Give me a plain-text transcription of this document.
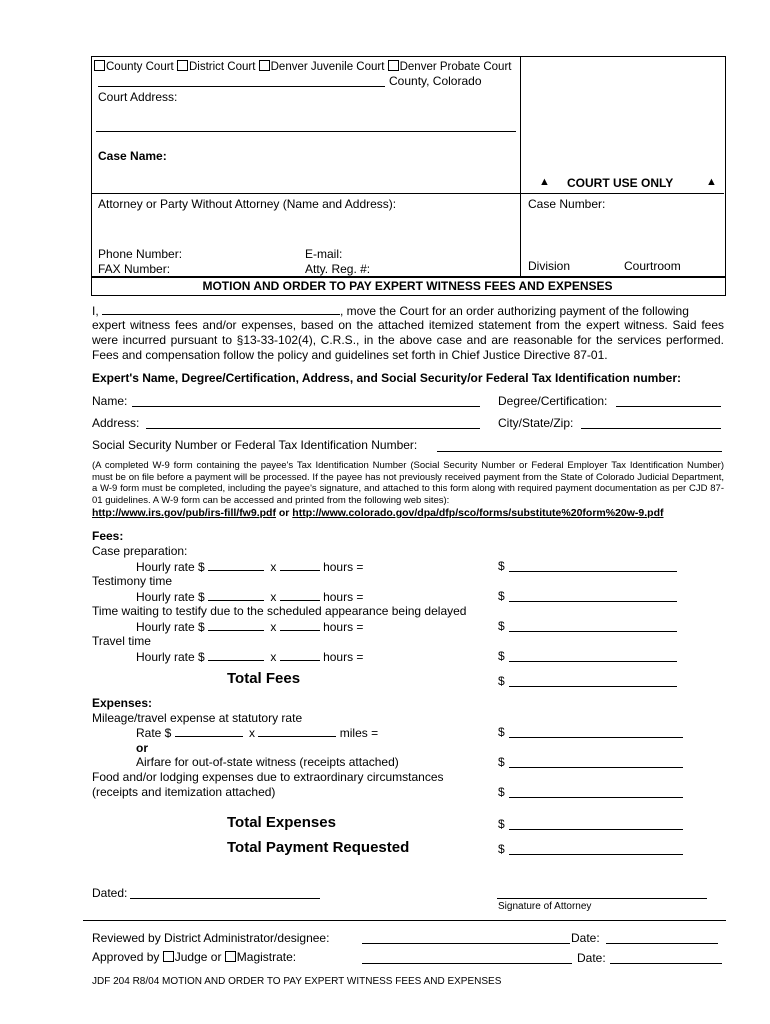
County Court District Court Denver Juvenile Court Denver Probate Court
County, Colorado
Court Address:
Case Name:
▲ COURT USE ONLY	▲
Attorney or Party Without Attorney (Name and Address):	Case Number:
Phone Number:	E-mail:
FAX Number:	Atty. Reg. #:	Division	Courtroom
MOTION AND ORDER TO PAY EXPERT WITNESS FEES AND EXPENSES
I,	, move the Court for an order authorizing payment of the following
expert witness fees and/or expenses, based on the attached itemized statement from the expert witness. Said fees were incurred pursuant to §13-33-102(4), C.R.S., in the above case and are reasonable for the services performed. Fees and compensation follow the policy and guidelines set forth in Chief Justice Directive 87-01.
Expert's Name, Degree/Certification, Address, and Social Security/or Federal Tax Identification number:
Name:	Degree/Certification:
Address:	City/State/Zip:
Social Security Number or Federal Tax Identification Number:
(A completed W-9 form containing the payee's Tax Identification Number (Social Security Number or Federal Employer Tax Identification Number) must be on file before a payment will be processed. If the payee has not previously received payment from the State of Colorado Judicial Department, a W-9 form must be completed, including the payee's signature, and attached to this form along with required payment documentation as per CJD 87-01 guidelines. A W-9 form can be accessed and printed from the following web sites):
http://www.irs.gov/pub/irs-fill/fw9.pdf or http://www.colorado.gov/dpa/dfp/sco/forms/substitute%20form%20w-9.pdf
Fees:
Case preparation:
Hourly rate $	x	hours =	$
Testimony time
Hourly rate $	x	hours =	$
Time waiting to testify due to the scheduled appearance being delayed
Hourly rate $	x	hours =	$
Travel time
Hourly rate $	x	hours =	$
Total Fees	$
Expenses:
Mileage/travel expense at statutory rate
Rate $	x	miles =	$
or
Airfare for out-of-state witness (receipts attached)	$
Food and/or lodging expenses due to extraordinary circumstances
(receipts and itemization attached)	$
Total Expenses	$
Total Payment Requested	$
Dated:
Signature of Attorney
Reviewed by District Administrator/designee:	Date:
Approved by Judge or Magistrate:	Date:
JDF 204 R8/04 MOTION AND ORDER TO PAY EXPERT WITNESS FEES AND EXPENSES
